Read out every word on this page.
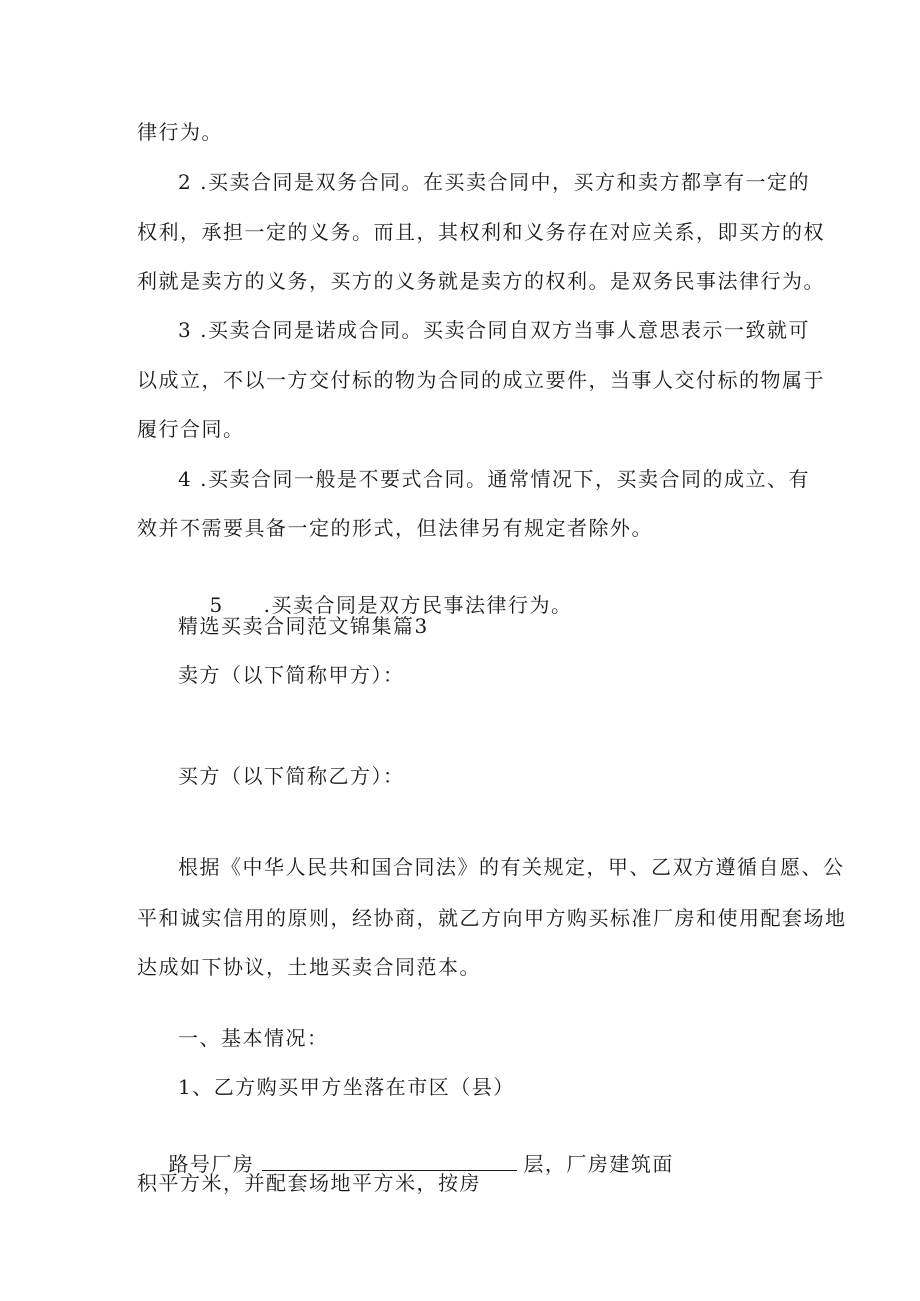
律行为。
2 .买卖合同是双务合同。在买卖合同中，买方和卖方都享有一定的
权利，承担一定的义务。而且，其权利和义务存在对应关系，即买方的权
利就是卖方的义务，买方的义务就是卖方的权利。是双务民事法律行为。
3 .买卖合同是诺成合同。买卖合同自双方当事人意思表示一致就可
以成立，不以一方交付标的物为合同的成立要件，当事人交付标的物属于
履行合同。
4 .买卖合同一般是不要式合同。通常情况下，买卖合同的成立、有
效并不需要具备一定的形式，但法律另有规定者除外。

5 .买卖合同是双方民事法律行为。

精选买卖合同范文锦集篇3
卖方（以下简称甲方）：
买方（以下简称乙方）：
根据《中华人民共和国合同法》的有关规定，甲、乙双方遵循自愿、公
平和诚实信用的原则，经协商，就乙方向甲方购买标准厂房和使用配套场地
达成如下协议，土地买卖合同范本。
一、基本情况：
1、乙方购买甲方坐落在市区（县）

路号厂房	层，厂房建筑面

积平方米，并配套场地平方米，按房
